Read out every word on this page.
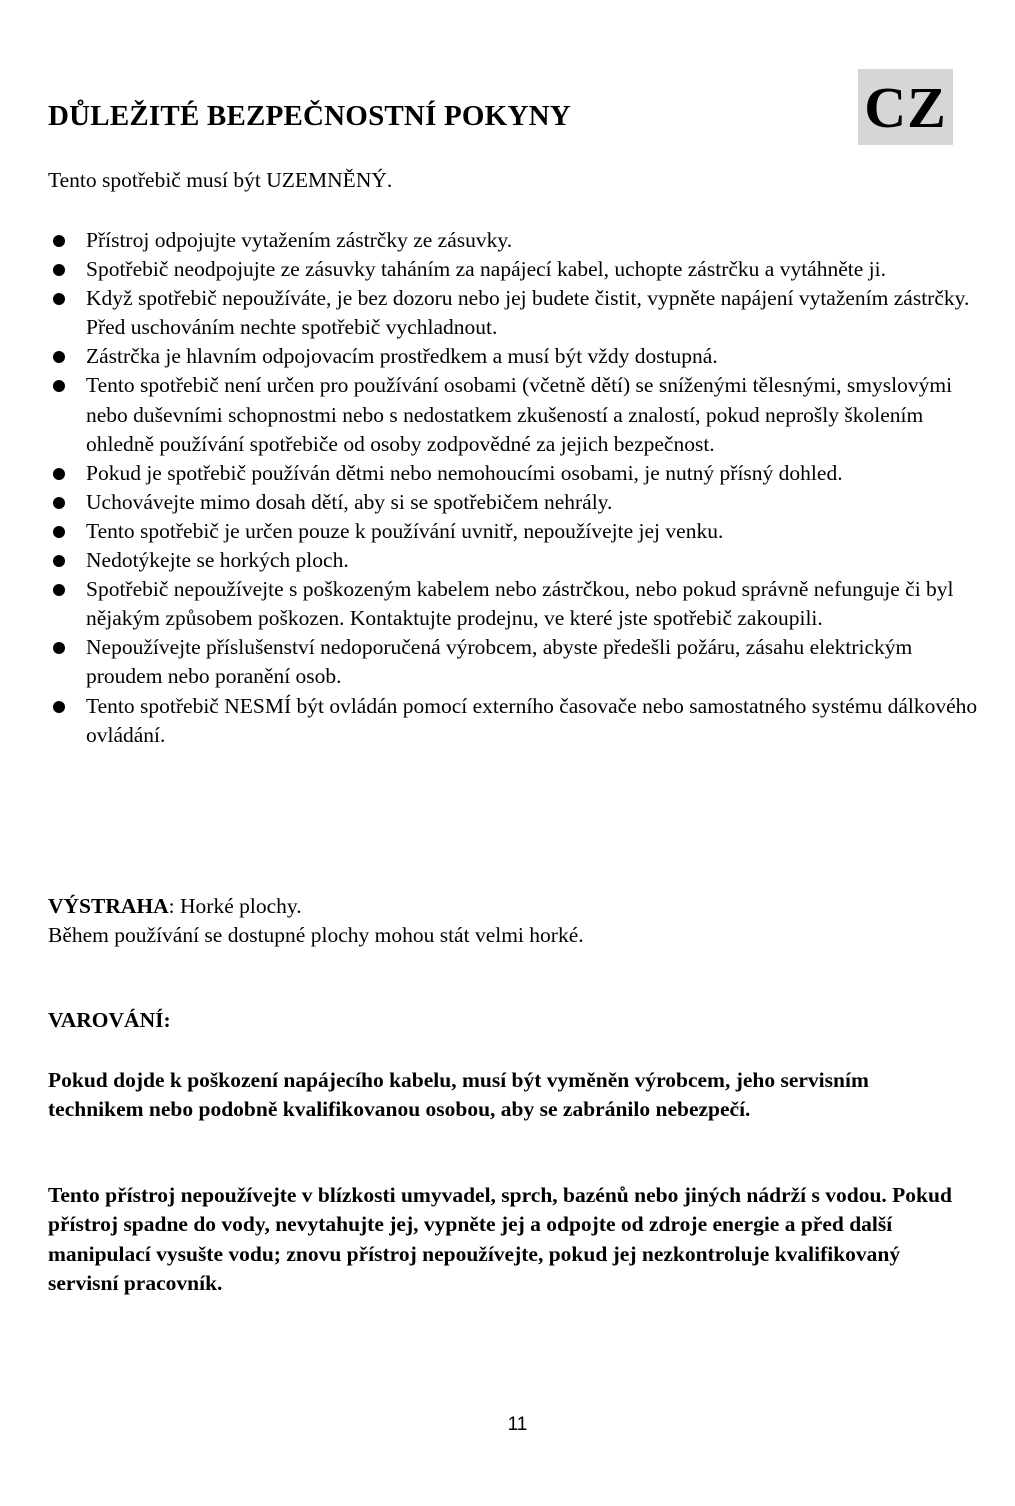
CZ
DŮLEŽITÉ BEZPEČNOSTNÍ POKYNY

Tento spotřebič musí být UZEMNĚNÝ.

Přístroj odpojujte vytažením zástrčky ze zásuvky.
Spotřebič neodpojujte ze zásuvky taháním za napájecí kabel, uchopte zástrčku a vytáhněte ji.
Když spotřebič nepoužíváte, je bez dozoru nebo jej budete čistit, vypněte napájení vytažením zástrčky. Před uschováním nechte spotřebič vychladnout.
Zástrčka je hlavním odpojovacím prostředkem a musí být vždy dostupná.
Tento spotřebič není určen pro používání osobami (včetně dětí) se sníženými tělesnými, smyslovými nebo duševními schopnostmi nebo s nedostatkem zkušeností a znalostí, pokud neprošly školením ohledně používání spotřebiče od osoby zodpovědné za jejich bezpečnost.
Pokud je spotřebič používán dětmi nebo nemohoucími osobami, je nutný přísný dohled.
Uchovávejte mimo dosah dětí, aby si se spotřebičem nehrály.
Tento spotřebič je určen pouze k používání uvnitř, nepoužívejte jej venku.
Nedotýkejte se horkých ploch.
Spotřebič nepoužívejte s poškozeným kabelem nebo zástrčkou, nebo pokud správně nefunguje či byl nějakým způsobem poškozen. Kontaktujte prodejnu, ve které jste spotřebič zakoupili.
Nepoužívejte příslušenství nedoporučená výrobcem, abyste předešli požáru, zásahu elektrickým proudem nebo poranění osob.
Tento spotřebič NESMÍ být ovládán pomocí externího časovače nebo samostatného systému dálkového ovládání.
VÝSTRAHA: Horké plochy.
Během používání se dostupné plochy mohou stát velmi horké.
VAROVÁNÍ:

Pokud dojde k poškození napájecího kabelu, musí být vyměněn výrobcem, jeho servisním technikem nebo podobně kvalifikovanou osobou, aby se zabránilo nebezpečí.

Tento přístroj nepoužívejte v blízkosti umyvadel, sprch, bazénů nebo jiných nádrží s vodou. Pokud přístroj spadne do vody, nevytahujte jej, vypněte jej a odpojte od zdroje energie a před další manipulací vysušte vodu; znovu přístroj nepoužívejte, pokud jej nezkontroluje kvalifikovaný servisní pracovník.

11
